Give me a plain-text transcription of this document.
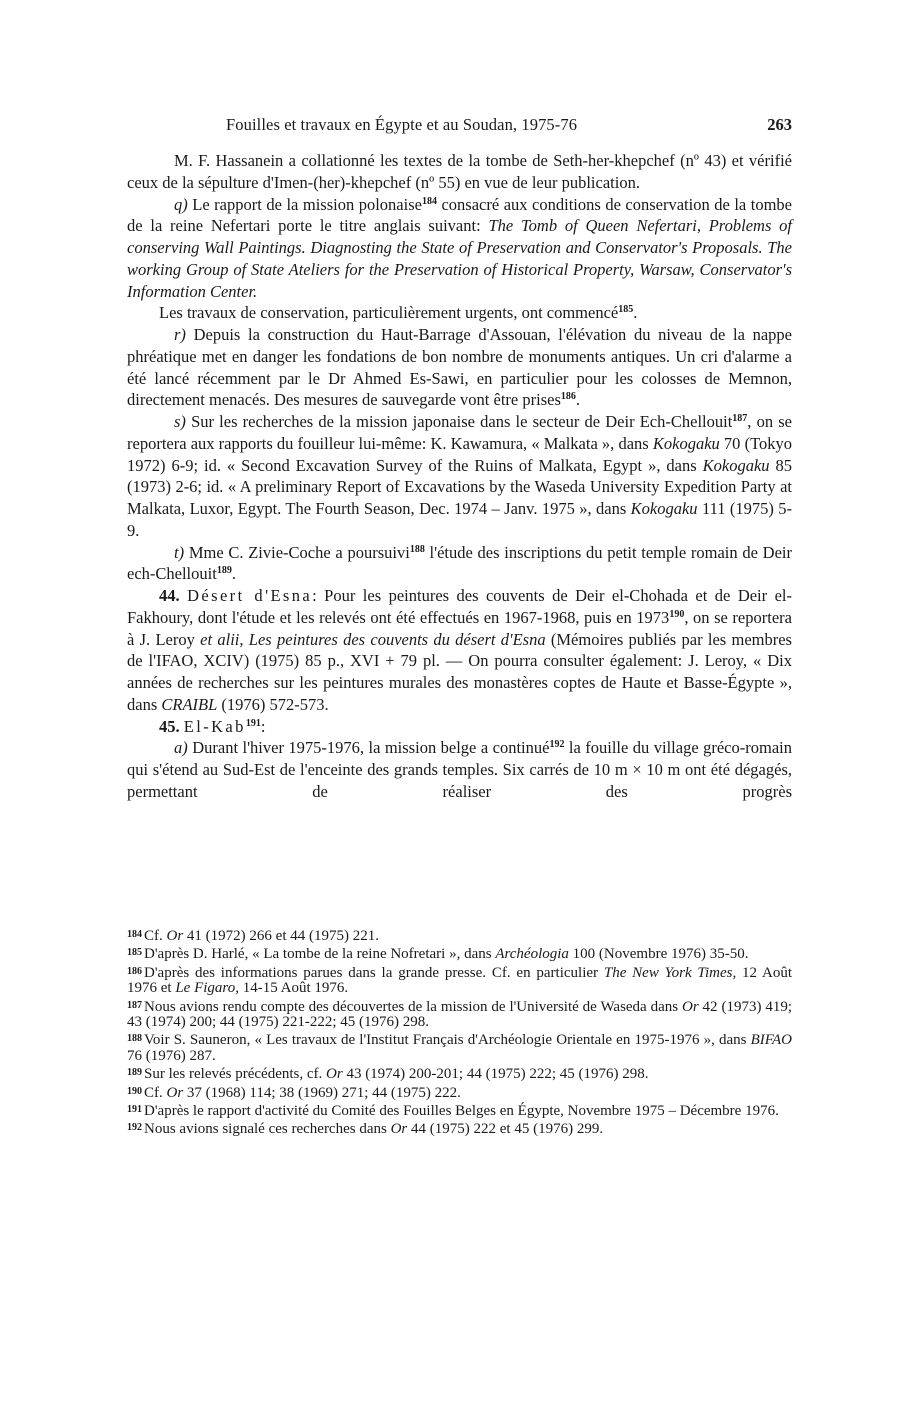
Fouilles et travaux en Égypte et au Soudan, 1975-76	263

M. F. Hassanein a collationné les textes de la tombe de Seth-her-khepchef (nº 43) et vérifié ceux de la sépulture d'Imen-(her)-khepchef (nº 55) en vue de leur publication.

q) Le rapport de la mission polonaise$^{184}$ consacré aux conditions de conservation de la tombe de la reine Nefertari porte le titre anglais suivant: The Tomb of Queen Nefertari, Problems of conserving Wall Paintings. Diagnosting the State of Preservation and Conservator's Proposals. The working Group of State Ateliers for the Preservation of Historical Property, Warsaw, Conservator's Information Center.

Les travaux de conservation, particulièrement urgents, ont commencé$^{185}$.

r) Depuis la construction du Haut-Barrage d'Assouan, l'élévation du niveau de la nappe phréatique met en danger les fondations de bon nombre de monuments antiques. Un cri d'alarme a été lancé récemment par le Dr Ahmed Es-Sawi, en particulier pour les colosses de Memnon, directement menacés. Des mesures de sauvegarde vont être prises$^{186}$.

s) Sur les recherches de la mission japonaise dans le secteur de Deir Ech-Chellouit$^{187}$, on se reportera aux rapports du fouilleur lui-même: K. Kawamura, « Malkata », dans Kokogaku 70 (Tokyo 1972) 6-9; id. « Second Excavation Survey of the Ruins of Malkata, Egypt », dans Kokogaku 85 (1973) 2-6; id. « A preliminary Report of Excavations by the Waseda University Expedition Party at Malkata, Luxor, Egypt. The Fourth Season, Dec. 1974 – Janv. 1975 », dans Kokogaku 111 (1975) 5-9.

t) Mme C. Zivie-Coche a poursuivi$^{188}$ l'étude des inscriptions du petit temple romain de Deir ech-Chellouit$^{189}$.

44. Désert d'Esna: Pour les peintures des couvents de Deir el-Chohada et de Deir el-Fakhoury, dont l'étude et les relevés ont été effectués en 1967-1968, puis en 1973$^{190}$, on se reportera à J. Leroy et alii, Les peintures des couvents du désert d'Esna (Mémoires publiés par les membres de l'IFAO, XCIV) (1975) 85 p., XVI + 79 pl. — On pourra consulter également: J. Leroy, « Dix années de recherches sur les peintures murales des monastères coptes de Haute et Basse-Égypte », dans CRAIBL (1976) 572-573.

45. El-Kab$^{191}$:

a) Durant l'hiver 1975-1976, la mission belge a continué$^{192}$ la fouille du village gréco-romain qui s'étend au Sud-Est de l'enceinte des grands temples. Six carrés de 10 m × 10 m ont été dégagés, permettant de réaliser des progrès

$^{184}$ Cf. Or 41 (1972) 266 et 44 (1975) 221.

$^{185}$ D'après D. Harlé, « La tombe de la reine Nofretari », dans Archéologia 100 (Novembre 1976) 35-50.

$^{186}$ D'après des informations parues dans la grande presse. Cf. en particulier The New York Times, 12 Août 1976 et Le Figaro, 14-15 Août 1976.

$^{187}$ Nous avions rendu compte des découvertes de la mission de l'Université de Waseda dans Or 42 (1973) 419; 43 (1974) 200; 44 (1975) 221-222; 45 (1976) 298.

$^{188}$ Voir S. Sauneron, « Les travaux de l'Institut Français d'Archéologie Orientale en 1975-1976 », dans BIFAO 76 (1976) 287.

$^{189}$ Sur les relevés précédents, cf. Or 43 (1974) 200-201; 44 (1975) 222; 45 (1976) 298.

$^{190}$ Cf. Or 37 (1968) 114; 38 (1969) 271; 44 (1975) 222.

$^{191}$ D'après le rapport d'activité du Comité des Fouilles Belges en Égypte, Novembre 1975 – Décembre 1976.

$^{192}$ Nous avions signalé ces recherches dans Or 44 (1975) 222 et 45 (1976) 299.
